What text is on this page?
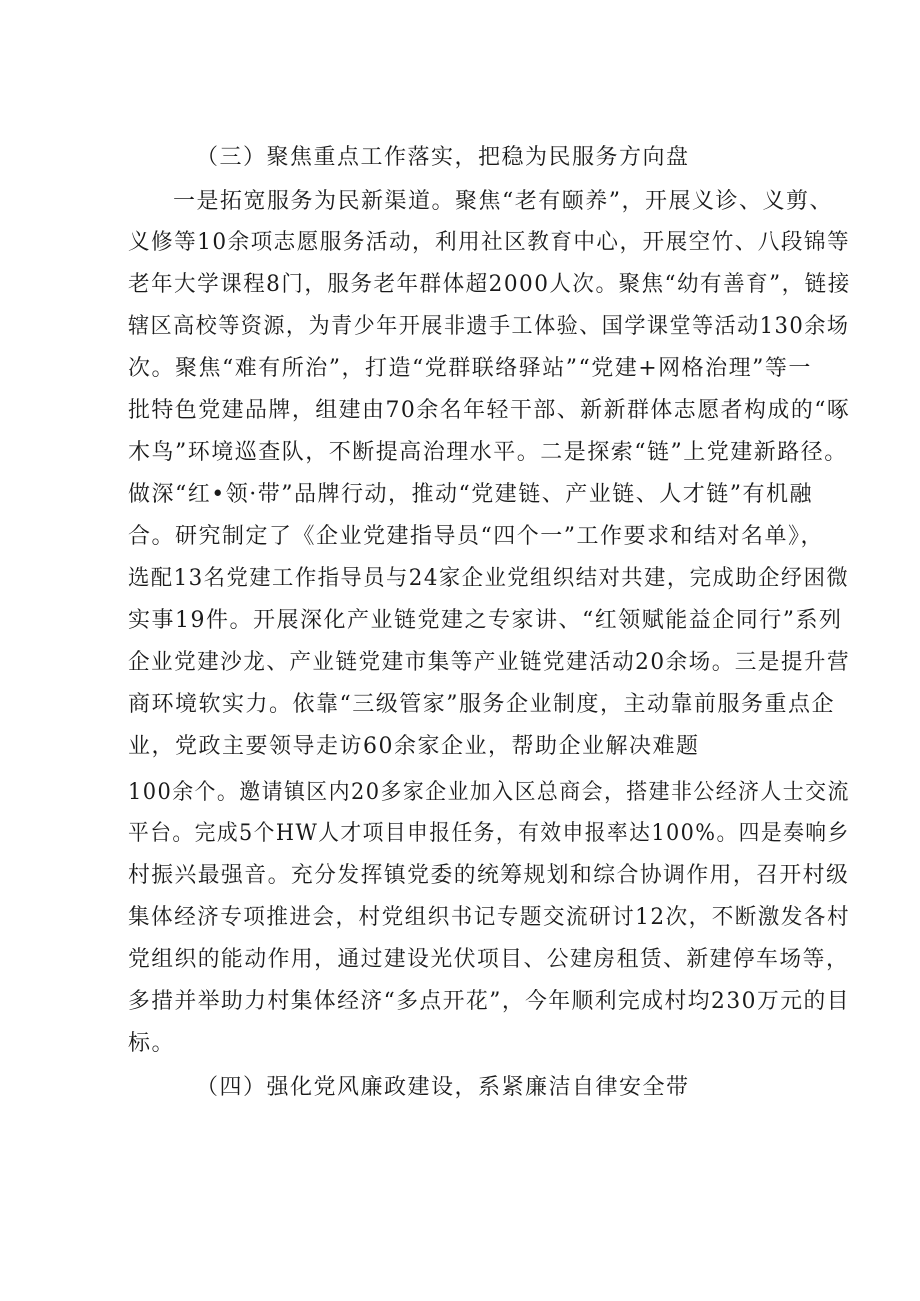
（三）聚焦重点工作落实，把稳为民服务方向盘
一是拓宽服务为民新渠道。聚焦“老有颐养”，开展义诊、义剪、
义修等10余项志愿服务活动，利用社区教育中心，开展空竹、八段锦等
老年大学课程8门，服务老年群体超2000人次。聚焦“幼有善育”，链接
辖区高校等资源，为青少年开展非遗手工体验、国学课堂等活动130余场
次。聚焦“难有所治”，打造“党群联络驿站”“党建+网格治理”等一
批特色党建品牌，组建由70余名年轻干部、新新群体志愿者构成的“啄
木鸟”环境巡查队，不断提高治理水平。二是探索“链”上党建新路径。
做深“红•领·带”品牌行动，推动“党建链、产业链、人才链”有机融
合。研究制定了《企业党建指导员“四个一”工作要求和结对名单》，
选配13名党建工作指导员与24家企业党组织结对共建，完成助企纾困微
实事19件。开展深化产业链党建之专家讲、“红领赋能益企同行”系列
企业党建沙龙、产业链党建市集等产业链党建活动20余场。三是提升营
商环境软实力。依靠“三级管家”服务企业制度，主动靠前服务重点企
业，党政主要领导走访60余家企业，帮助企业解决难题
100余个。邀请镇区内20多家企业加入区总商会，搭建非公经济人士交流
平台。完成5个HW人才项目申报任务，有效申报率达100%。四是奏响乡
村振兴最强音。充分发挥镇党委的统筹规划和综合协调作用，召开村级
集体经济专项推进会，村党组织书记专题交流研讨12次，不断激发各村
党组织的能动作用，通过建设光伏项目、公建房租赁、新建停车场等，
多措并举助力村集体经济“多点开花”，今年顺利完成村均230万元的目
标。
（四）强化党风廉政建设，系紧廉洁自律安全带
